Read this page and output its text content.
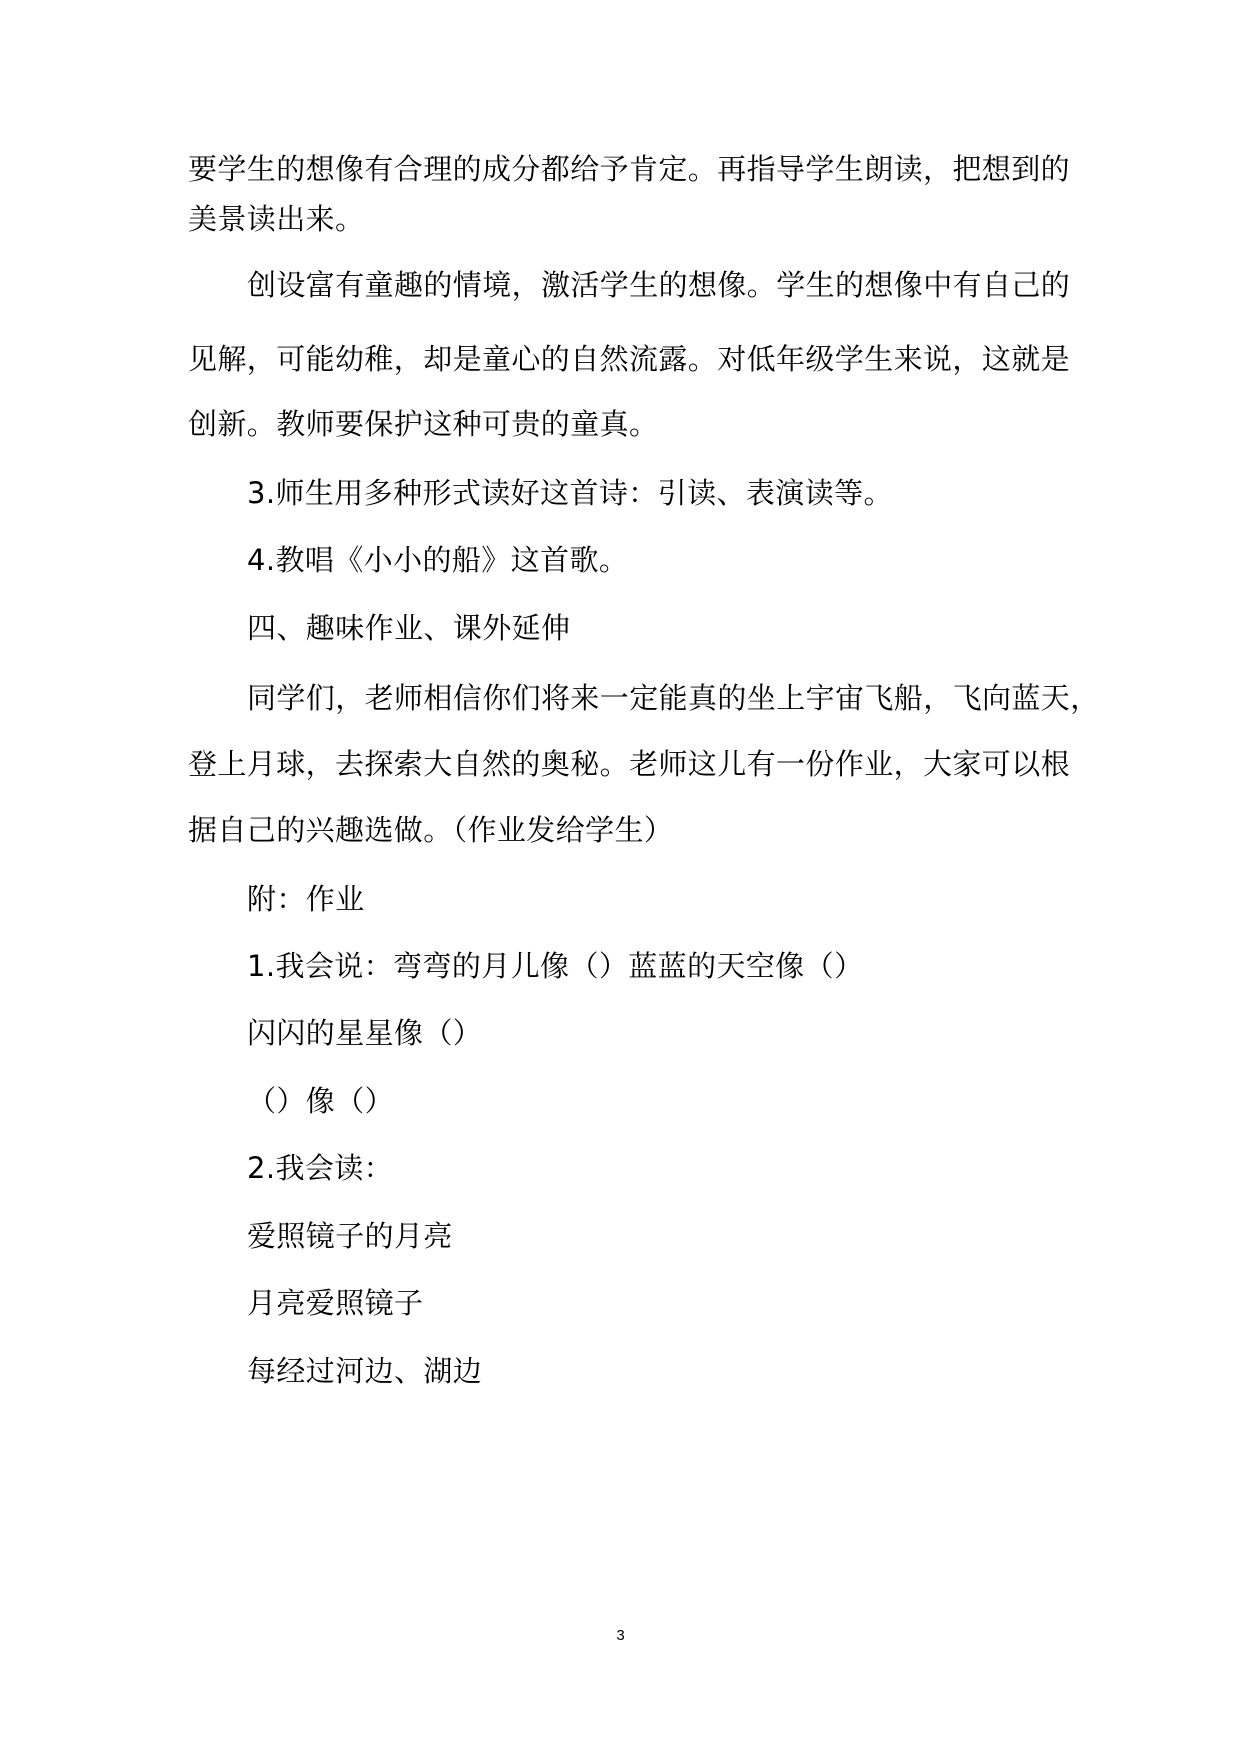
要学生的想像有合理的成分都给予肯定。再指导学生朗读，把想到的
美景读出来。
创设富有童趣的情境，激活学生的想像。学生的想像中有自己的
见解，可能幼稚，却是童心的自然流露。对低年级学生来说，这就是
创新。教师要保护这种可贵的童真。
3.师生用多种形式读好这首诗：引读、表演读等。
4.教唱《小小的船》这首歌。
四、趣味作业、课外延伸
同学们，老师相信你们将来一定能真的坐上宇宙飞船，飞向蓝天，
登上月球，去探索大自然的奥秘。老师这儿有一份作业，大家可以根
据自己的兴趣选做。（作业发给学生）
附：作业
1.我会说：弯弯的月儿像（）蓝蓝的天空像（）
闪闪的星星像（）
（）像（）
2.我会读：
爱照镜子的月亮
月亮爱照镜子
每经过河边、湖边
3
